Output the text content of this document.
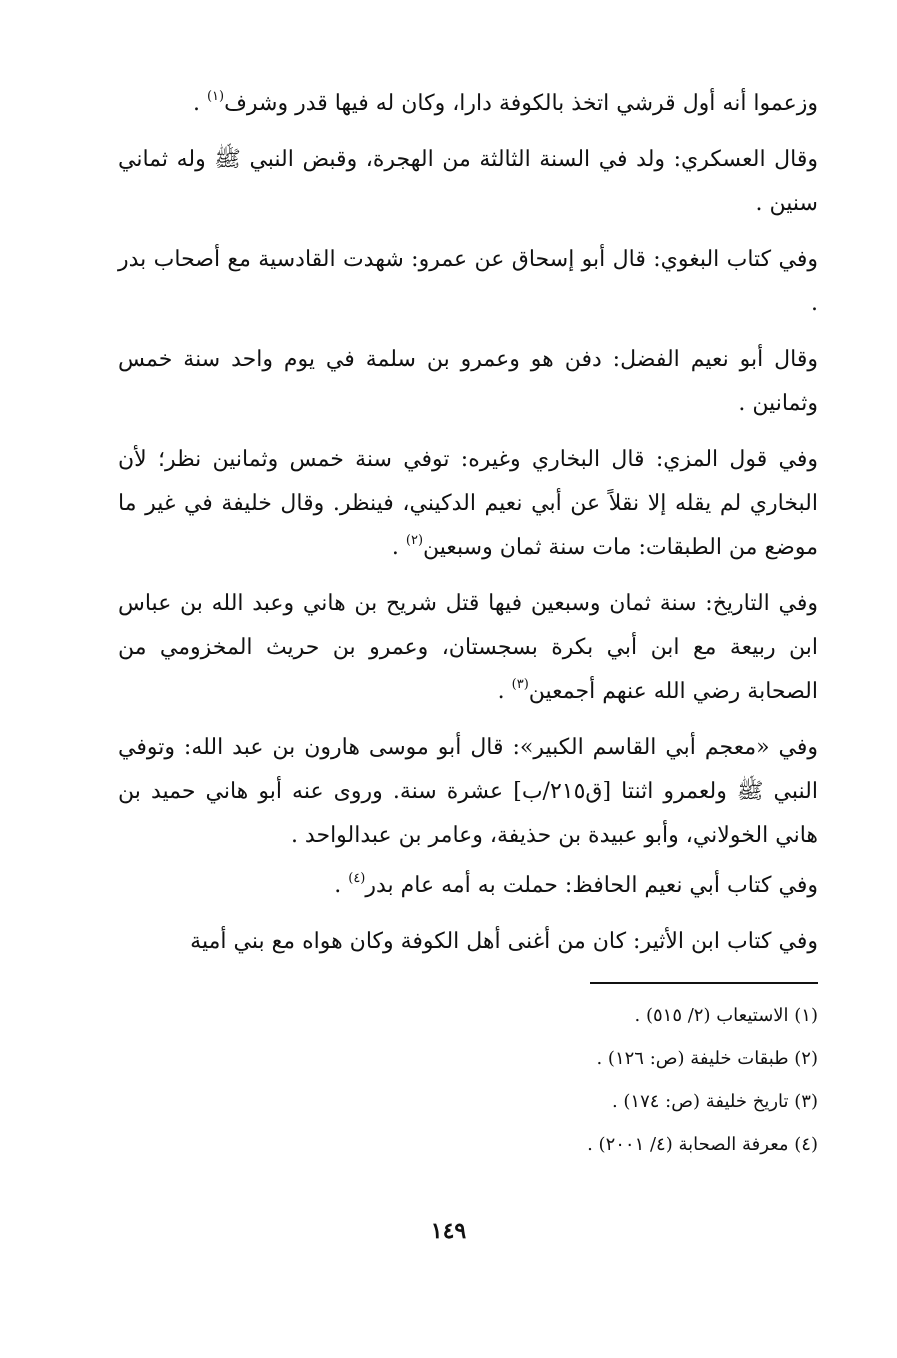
وزعموا أنه أول قرشي اتخذ بالكوفة دارا، وكان له فيها قدر وشرف$^{(١)}$ .

وقال العسكري: ولد في السنة الثالثة من الهجرة، وقبض النبي ﷺ وله ثماني سنين .

وفي كتاب البغوي: قال أبو إسحاق عن عمرو: شهدت القادسية مع أصحاب بدر .

وقال أبو نعيم الفضل: دفن هو وعمرو بن سلمة في يوم واحد سنة خمس وثمانين .

وفي قول المزي: قال البخاري وغيره: توفي سنة خمس وثمانين نظر؛ لأن البخاري لم يقله إلا نقلاً عن أبي نعيم الدكيني، فينظر. وقال خليفة في غير ما موضع من الطبقات: مات سنة ثمان وسبعين$^{(٢)}$ .

وفي التاريخ: سنة ثمان وسبعين فيها قتل شريح بن هاني وعبد الله بن عباس ابن ربيعة مع ابن أبي بكرة بسجستان، وعمرو بن حريث المخزومي من الصحابة رضي الله عنهم أجمعين$^{(٣)}$ .

وفي «معجم أبي القاسم الكبير»: قال أبو موسى هارون بن عبد الله: وتوفي النبي ﷺ ولعمرو اثنتا [ق٢١٥/ب] عشرة سنة. وروى عنه أبو هاني حميد بن هاني الخولاني، وأبو عبيدة بن حذيفة، وعامر بن عبدالواحد .

وفي كتاب أبي نعيم الحافظ: حملت به أمه عام بدر$^{(٤)}$ .

وفي كتاب ابن الأثير: كان من أغنى أهل الكوفة وكان هواه مع بني أمية

(١) الاستيعاب (٢/ ٥١٥) .

(٢) طبقات خليفة (ص: ١٢٦) .

(٣) تاريخ خليفة (ص: ١٧٤) .

(٤) معرفة الصحابة (٤/ ٢٠٠١) .

١٤٩
